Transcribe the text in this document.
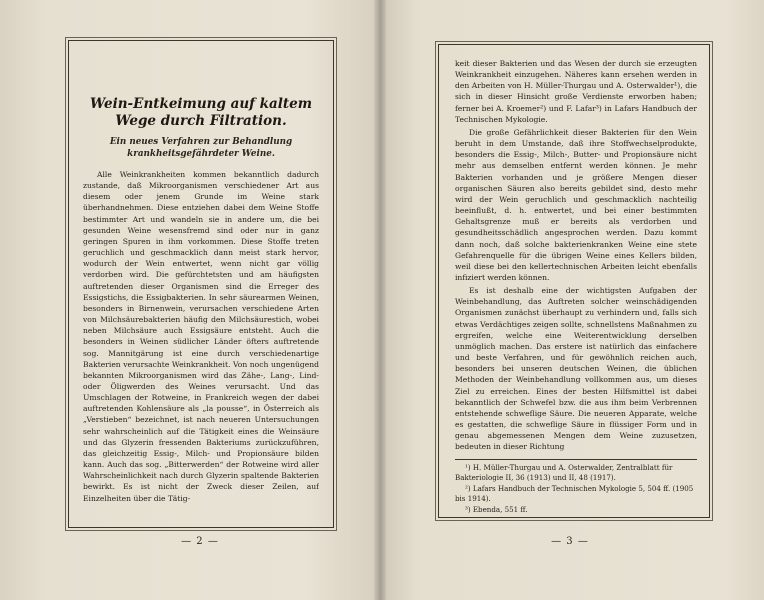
Wein-Entkeimung auf kaltem Wege durch Filtration.
Ein neues Verfahren zur Behandlung krankheitsgefährdeter Weine.

Alle Weinkrankheiten kommen bekanntlich dadurch zustande, daß Mikroorganismen verschiedener Art aus diesem oder jenem Grunde im Weine stark überhandnehmen. Diese entziehen dabei dem Weine Stoffe bestimmter Art und wandeln sie in andere um, die bei gesunden Weine wesensfremd sind oder nur in ganz geringen Spuren in ihm vorkommen. Diese Stoffe treten geruchlich und geschmacklich dann meist stark hervor, wodurch der Wein entwertet, wenn nicht gar völlig verdorben wird. Die gefürchtetsten und am häufigsten auftretenden dieser Organismen sind die Erreger des Essigstichs, die Essigbakterien. In sehr säurearmen Weinen, besonders in Birnenwein, verursachen verschiedene Arten von Milchsäurebakterien häufig den Milchsäurestich, wobei neben Milchsäure auch Essigsäure entsteht. Auch die besonders in Weinen südlicher Länder öfters auftretende sog. Mannitgärung ist eine durch verschiedenartige Bakterien verursachte Weinkrankheit. Von noch ungenügend bekannten Mikroorganismen wird das Zähe-, Lang-, Lind- oder Öligwerden des Weines verursacht. Und das Umschlagen der Rotweine, in Frankreich wegen der dabei auftretenden Kohlensäure als „la pousse“, in Österreich als „Verstieben“ bezeichnet, ist nach neueren Untersuchungen sehr wahrscheinlich auf die Tätigkeit eines die Weinsäure und das Glyzerin fressenden Bakteriums zurückzuführen, das gleichzeitig Essig-, Milch- und Propionsäure bilden kann. Auch das sog. „Bitterwerden“ der Rotweine wird aller Wahrscheinlichkeit nach durch Glyzerin spaltende Bakterien bewirkt. Es ist nicht der Zweck dieser Zeilen, auf Einzelheiten über die Tätig-

— 2 —

keit dieser Bakterien und das Wesen der durch sie erzeugten Weinkrankheit einzugehen. Näheres kann ersehen werden in den Arbeiten von H. Müller-Thurgau und A. Osterwalder¹), die sich in dieser Hinsicht große Verdienste erworben haben; ferner bei A. Kroemer²) und F. Lafar³) in Lafars Handbuch der Technischen Mykologie.

Die große Gefährlichkeit dieser Bakterien für den Wein beruht in dem Umstande, daß ihre Stoffwechselprodukte, besonders die Essig-, Milch-, Butter- und Propionsäure nicht mehr aus demselben entfernt werden können. Je mehr Bakterien vorhanden und je größere Mengen dieser organischen Säuren also bereits gebildet sind, desto mehr wird der Wein geruchlich und geschmacklich nachteilig beeinflußt, d. h. entwertet, und bei einer bestimmten Gehaltsgrenze muß er bereits als verdorben und gesundheitsschädlich angesprochen werden. Dazu kommt dann noch, daß solche bakterienkranken Weine eine stete Gefahrenquelle für die übrigen Weine eines Kellers bilden, weil diese bei den kellertechnischen Arbeiten leicht ebenfalls infiziert werden können.

Es ist deshalb eine der wichtigsten Aufgaben der Weinbehandlung, das Auftreten solcher weinschädigenden Organismen zunächst überhaupt zu verhindern und, falls sich etwas Verdächtiges zeigen sollte, schnellstens Maßnahmen zu ergreifen, welche eine Weiterentwicklung derselben unmöglich machen. Das erstere ist natürlich das einfachere und beste Verfahren, und für gewöhnlich reichen auch, besonders bei unseren deutschen Weinen, die üblichen Methoden der Weinbehandlung vollkommen aus, um dieses Ziel zu erreichen. Eines der besten Hilfsmittel ist dabei bekanntlich der Schwefel bzw. die aus ihm beim Verbrennen entstehende schweflige Säure. Die neueren Apparate, welche es gestatten, die schweflige Säure in flüssiger Form und in genau abgemessenen Mengen dem Weine zuzusetzen, bedeuten in dieser Richtung

¹) H. Müller-Thurgau und A. Osterwalder, Zentralblatt für Bakteriologie II, 36 (1913) und II, 48 (1917).
²) Lafars Handbuch der Technischen Mykologie 5, 504 ff. (1905 bis 1914).
³) Ebenda, 551 ff.
— 3 —
